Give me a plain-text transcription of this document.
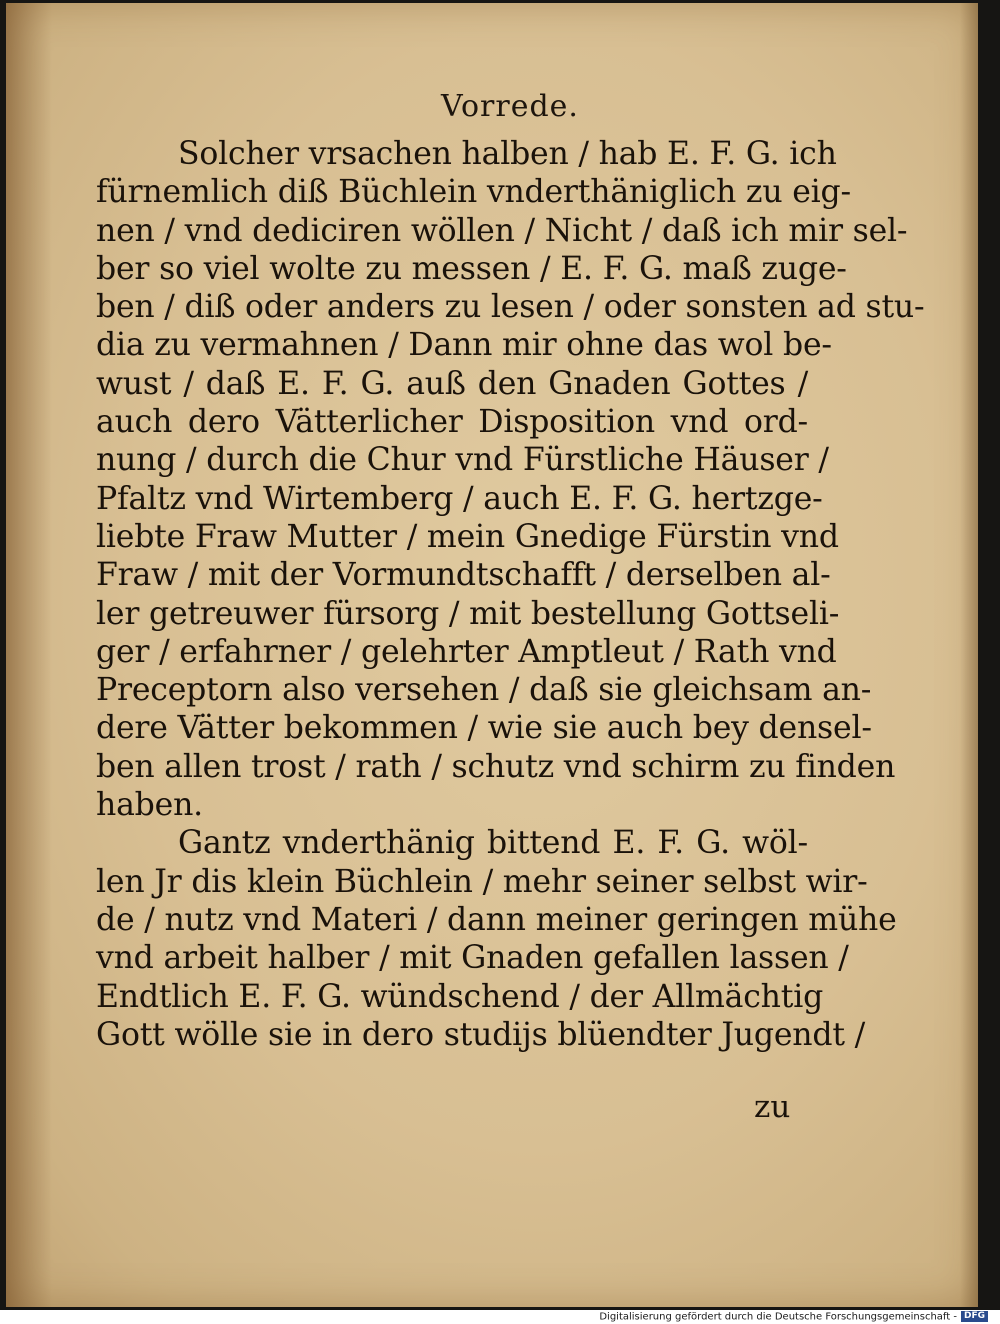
Vorrede.
Solcher vrsachen halben / hab E. F. G. ich
fürnemlich diß Büchlein vnderthäniglich zu eig-
nen / vnd dediciren wöllen / Nicht / daß ich mir sel-
ber so viel wolte zu messen / E. F. G. maß zuge-
ben / diß oder anders zu lesen / oder sonsten ad stu-
dia zu vermahnen / Dann mir ohne das wol be-
wust / daß E. F. G. auß den Gnaden Gottes /
auch dero Vätterlicher Disposition vnd ord-
nung / durch die Chur vnd Fürstliche Häuser /
Pfaltz vnd Wirtemberg / auch E. F. G. hertzge-
liebte Fraw Mutter / mein Gnedige Fürstin vnd
Fraw / mit der Vormundtschafft / derselben al-
ler getreuwer fürsorg / mit bestellung Gottseli-
ger / erfahrner / gelehrter Amptleut / Rath vnd
Preceptorn also versehen / daß sie gleichsam an-
dere Vätter bekommen / wie sie auch bey densel-
ben allen trost / rath / schutz vnd schirm zu finden
haben.
Gantz vnderthänig bittend E. F. G. wöl-
len Jr dis klein Büchlein / mehr seiner selbst wir-
de / nutz vnd Materi / dann meiner geringen mühe
vnd arbeit halber / mit Gnaden gefallen lassen /
Endtlich E. F. G. wündschend / der Allmächtig
Gott wölle sie in dero studijs blüendter Jugendt /
zu
Digitalisierung gefördert durch die Deutsche Forschungsgemeinschaft - DFG
